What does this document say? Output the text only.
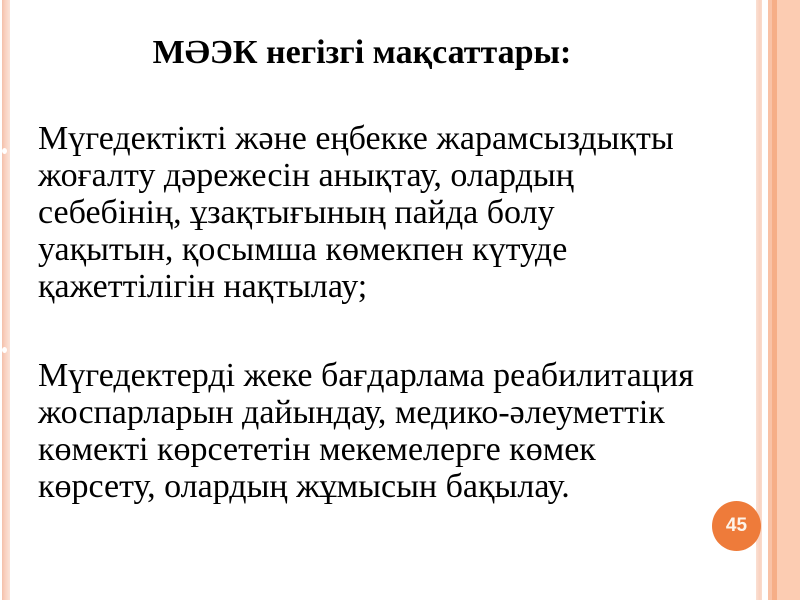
МӘЭК негізгі мақсаттары:

Мүгедектікті және еңбекке жарамсыздықты жоғалту дәрежесін анықтау, олардың себебінің, ұзақтығының пайда болу уақытын, қосымша көмекпен күтуде қажеттілігін нақтылау;

Мүгедектерді жеке бағдарлама реабилитация жоспарларын дайындау, медико-әлеуметтік көмекті көрсететін мекемелерге көмек көрсету, олардың жұмысын бақылау.

45
